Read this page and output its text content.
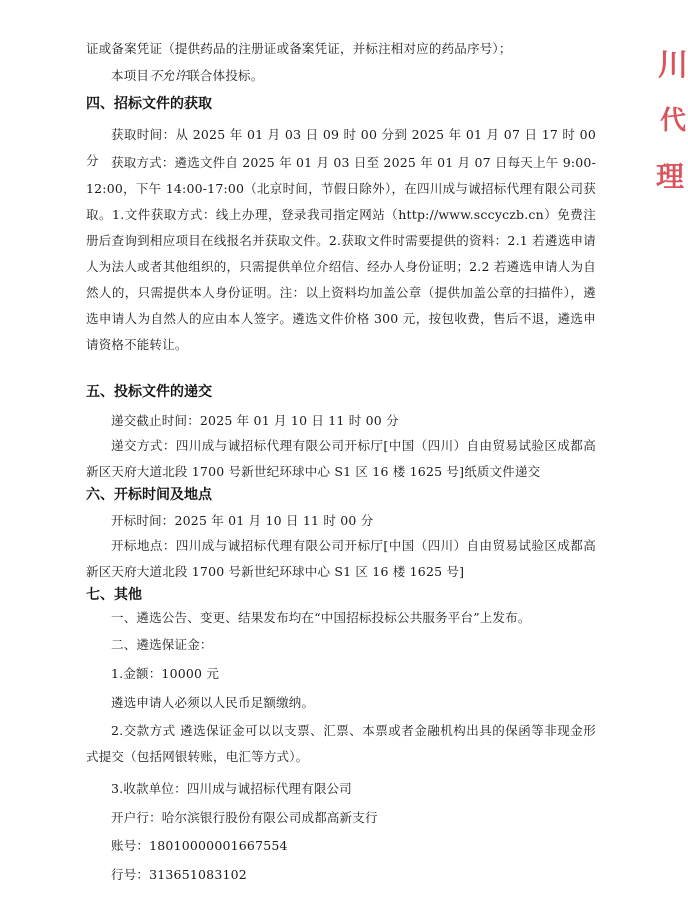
证或备案凭证（提供药品的注册证或备案凭证，并标注相对应的药品序号）；

本项目不允许联合体投标。

四、招标文件的获取

获取时间：从 2025 年 01 月 03 日 09 时 00 分到 2025 年 01 月 07 日 17 时 00 分 获取方式：遴选文件自 2025 年 01 月 03 日至 2025 年 01 月 07 日每天上午 9:00-12:00，下午 14:00-17:00（北京时间，节假日除外），在四川成与诚招标代理有限公司获取。1.文件获取方式：线上办理，登录我司指定网站（http://www.sccyczb.cn）免费注册后查询到相应项目在线报名并获取文件。2.获取文件时需要提供的资料：2.1 若遴选申请人为法人或者其他组织的，只需提供单位介绍信、经办人身份证明；2.2 若遴选申请人为自然人的，只需提供本人身份证明。注：以上资料均加盖公章（提供加盖公章的扫描件），遴选申请人为自然人的应由本人签字。遴选文件价格 300 元，按包收费，售后不退，遴选申请资格不能转让。

五、投标文件的递交

递交截止时间：2025 年 01 月 10 日 11 时 00 分

递交方式：四川成与诚招标代理有限公司开标厅[中国（四川）自由贸易试验区成都高新区天府大道北段 1700 号新世纪环球中心 S1 区 16 楼 1625 号]纸质文件递交

六、开标时间及地点

开标时间：2025 年 01 月 10 日 11 时 00 分

开标地点：四川成与诚招标代理有限公司开标厅[中国（四川）自由贸易试验区成都高新区天府大道北段 1700 号新世纪环球中心 S1 区 16 楼 1625 号]

七、其他

一、遴选公告、变更、结果发布均在“中国招标投标公共服务平台”上发布。

二、遴选保证金：

1.金额：10000 元

遴选申请人必须以人民币足额缴纳。

2.交款方式 遴选保证金可以以支票、汇票、本票或者金融机构出具的保函等非现金形式提交（包括网银转账，电汇等方式）。

3.收款单位：四川成与诚招标代理有限公司

开户行：哈尔滨银行股份有限公司成都高新支行

账号：18010000001667554

行号：313651083102

川
代
理
